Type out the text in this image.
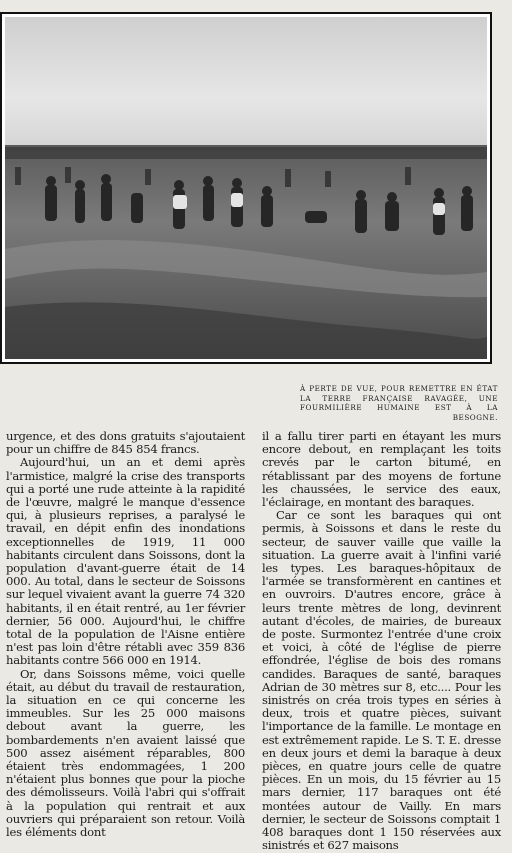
À PERTE DE VUE, POUR REMETTRE EN ÉTAT LA TERRE FRANÇAISE RAVAGÉE, UNE FOURMILIÈRE HUMAINE EST À LA BESOGNE.

urgence, et des dons gratuits s'ajoutaient pour un chiffre de 845 854 francs.

Aujourd'hui, un an et demi après l'armistice, malgré la crise des transports qui a porté une rude atteinte à la rapidité de l'œuvre, malgré le manque d'essence qui, à plusieurs reprises, a paralysé le travail, en dépit enfin des inondations exceptionnelles de 1919, 11 000 habitants circulent dans Soissons, dont la population d'avant-guerre était de 14 000. Au total, dans le secteur de Soissons sur lequel vivaient avant la guerre 74 320 habitants, il en était rentré, au 1er février dernier, 56 000. Aujourd'hui, le chiffre total de la population de l'Aisne entière n'est pas loin d'être rétabli avec 359 836 habitants contre 566 000 en 1914.

Or, dans Soissons même, voici quelle était, au début du travail de restauration, la situation en ce qui concerne les immeubles. Sur les 25 000 maisons debout avant la guerre, les bombardements n'en avaient laissé que 500 assez aisément réparables, 800 étaient très endommagées, 1 200 n'étaient plus bonnes que pour la pioche des démolisseurs. Voilà l'abri qui s'offrait à la population qui rentrait et aux ouvriers qui préparaient son retour. Voilà les éléments dont

il a fallu tirer parti en étayant les murs encore debout, en remplaçant les toits crevés par le carton bitumé, en rétablissant par des moyens de fortune les chaussées, le service des eaux, l'éclairage, en montant des baraques.

Car ce sont les baraques qui ont permis, à Soissons et dans le reste du secteur, de sauver vaille que vaille la situation. La guerre avait à l'infini varié les types. Les baraques-hôpitaux de l'armée se transformèrent en cantines et en ouvroirs. D'autres encore, grâce à leurs trente mètres de long, devinrent autant d'écoles, de mairies, de bureaux de poste. Surmontez l'entrée d'une croix et voici, à côté de l'église de pierre effondrée, l'église de bois des romans candides. Baraques de santé, baraques Adrian de 30 mètres sur 8, etc.... Pour les sinistrés on créa trois types en séries à deux, trois et quatre pièces, suivant l'importance de la famille. Le montage en est extrêmement rapide. Le S. T. E. dresse en deux jours et demi la baraque à deux pièces, en quatre jours celle de quatre pièces. En un mois, du 15 février au 15 mars dernier, 117 baraques ont été montées autour de Vailly. En mars dernier, le secteur de Soissons comptait 1 408 baraques dont 1 150 réservées aux sinistrés et 627 maisons
